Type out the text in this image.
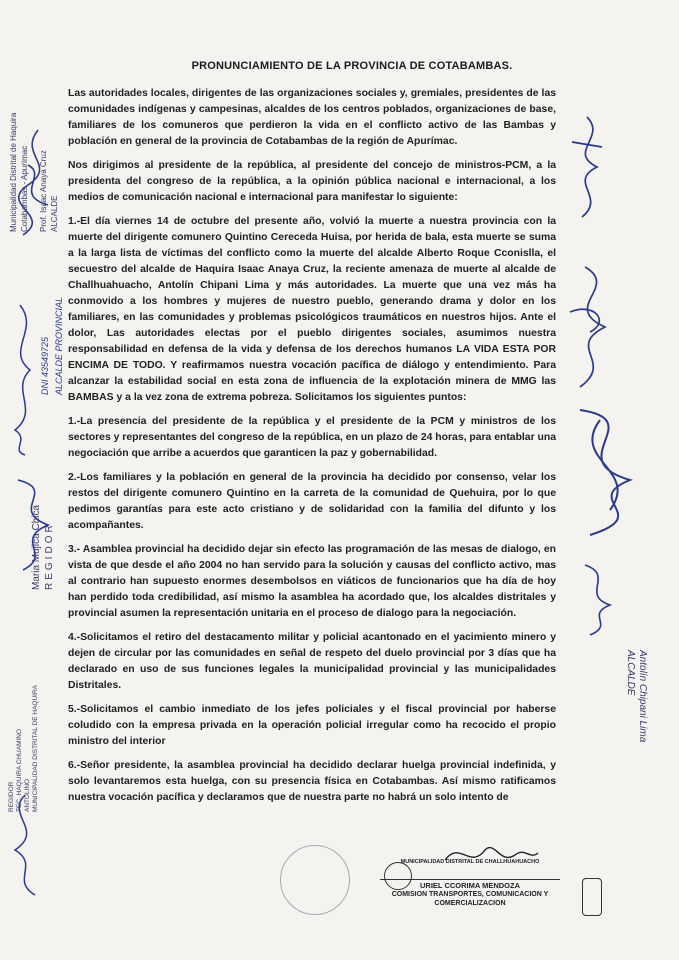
PRONUNCIAMIENTO DE LA PROVINCIA DE COTABAMBAS.

Las autoridades locales, dirigentes de las organizaciones sociales y, gremiales, presidentes de las comunidades indígenas y campesinas, alcaldes de los centros poblados, organizaciones de base, familiares de los comuneros que perdieron la vida en el conflicto activo de las Bambas y población en general de la provincia de Cotabambas de la región de Apurímac.

Nos dirigimos al presidente de la república, al presidente del concejo de ministros-PCM, a la presidenta del congreso de la república, a la opinión pública nacional e internacional, a los medios de comunicación nacional e internacional para manifestar lo siguiente:

1.-El día viernes 14 de octubre del presente año, volvió la muerte a nuestra provincia con la muerte del dirigente comunero Quintino Cereceda Huisa, por herida de bala, esta muerte se suma a la larga lista de víctimas del conflicto como la muerte del alcalde Alberto Roque Cconislla, el secuestro del alcalde de Haquira Isaac Anaya Cruz, la reciente amenaza de muerte al alcalde de Challhuahuacho, Antolín Chipani Lima y más autoridades. La muerte que una vez más ha conmovido a los hombres y mujeres de nuestro pueblo, generando drama y dolor en los familiares, en las comunidades y problemas psicológicos traumáticos en nuestros hijos. Ante el dolor, Las autoridades electas por el pueblo dirigentes sociales, asumimos nuestra responsabilidad en defensa de la vida y defensa de los derechos humanos LA VIDA ESTA POR ENCIMA DE TODO. Y reafirmamos nuestra vocación pacífica de diálogo y entendimiento. Para alcanzar la estabilidad social en esta zona de influencia de la explotación minera de MMG las BAMBAS y a la vez zona de extrema pobreza. Solicitamos los siguientes puntos:

1.-La presencia del presidente de la república y el presidente de la PCM y ministros de los sectores y representantes del congreso de la república, en un plazo de 24 horas, para entablar una negociación que arribe a acuerdos que garanticen la paz y gobernabilidad.

2.-Los familiares y la población en general de la provincia ha decidido por consenso, velar los restos del dirigente comunero Quintino en la carreta de la comunidad de Quehuira, por lo que pedimos garantías para este acto cristiano y de solidaridad con la familia del difunto y los acompañantes.

3.- Asamblea provincial ha decidido dejar sin efecto las programación de las mesas de dialogo, en vista de que desde el año 2004 no han servido para la solución y causas del conflicto activo, mas al contrario han supuesto enormes desembolsos en viáticos de funcionarios que ha día de hoy han perdido toda credibilidad, así mismo la asamblea ha acordado que, los alcaldes distritales y provincial asumen la representación unitaria en el proceso de dialogo para la negociación.

4.-Solicitamos el retiro del destacamento militar y policial acantonado en el yacimiento minero y dejen de circular por las comunidades en señal de respeto del duelo provincial por 3 días que ha declarado en uso de sus funciones legales la municipalidad provincial y las municipalidades Distritales.

5.-Solicitamos el cambio inmediato de los jefes policiales y el fiscal provincial por haberse coludido con la empresa privada en la operación policial irregular como ha recocido el propio ministro del interior

6.-Señor presidente, la asamblea provincial ha decidido declarar huelga provincial indefinida, y solo levantaremos esta huelga, con su presencia física en Cotabambas. Así mismo ratificamos nuestra vocación pacífica y declaramos que de nuestra parte no habrá un solo intento de

Municipalidad Distrital de Haquira Cotabambas - Apurímac Prof. Isaac Anaya Cruz ALCALDE
DNI 43549725 ALCALDE PROVINCIAL
Maria Mujica Chica REGIDOR
REGIDOR TEC. HAQUIRA CHUAMINO ANTOLINO MUNICIPALIDAD DISTRITAL DE HAQUIRA	Antolín Chipani Lima
ALCALDE
MUNICIPALIDAD DISTRITAL DE CHALLHUAHUACHO
URIEL CCORIMA MENDOZA
COMISION TRANSPORTES, COMUNICACION Y COMERCIALIZACION
